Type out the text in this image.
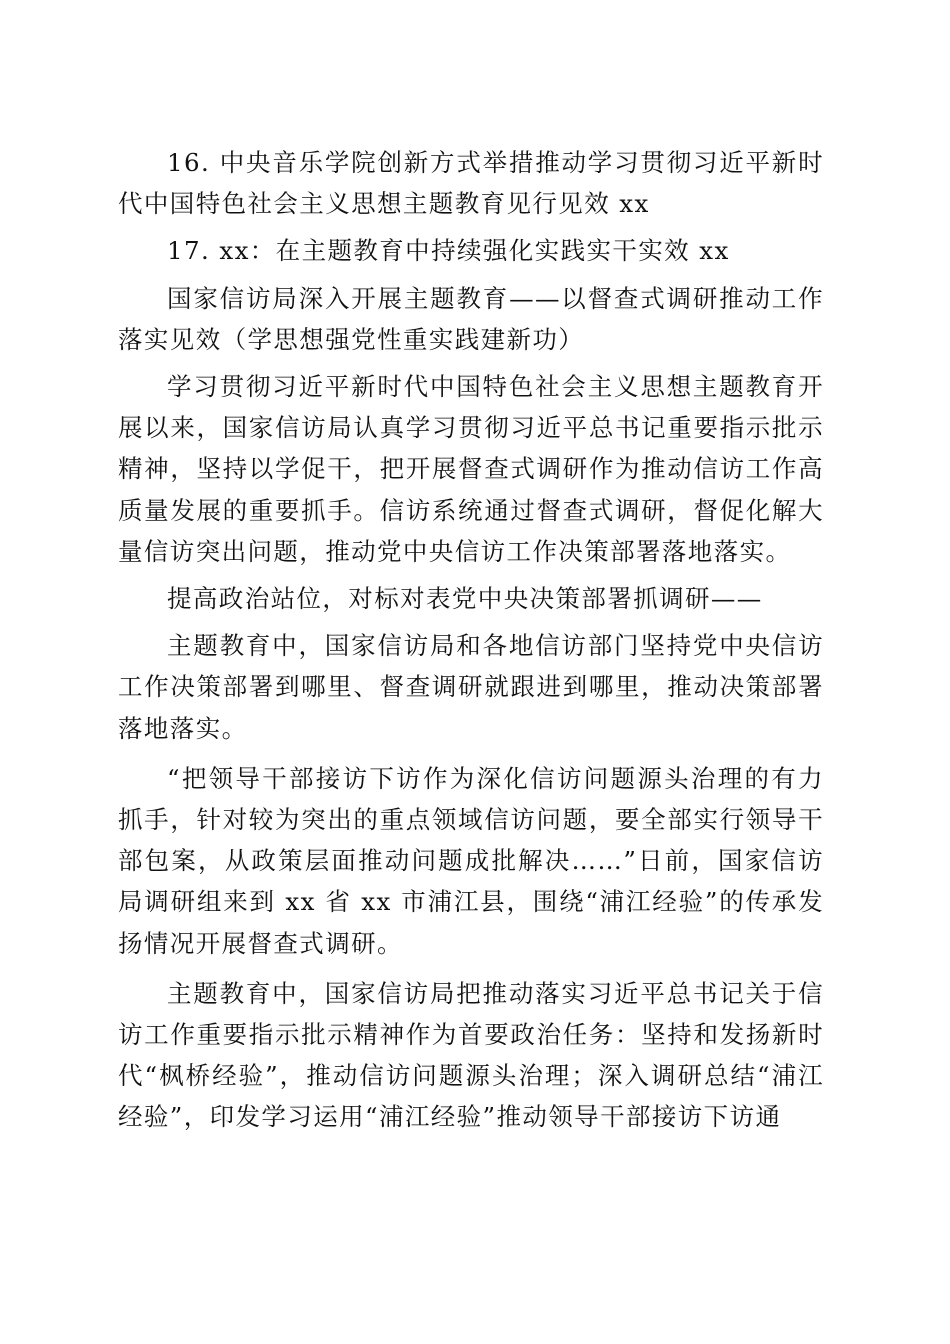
16. 中央音乐学院创新方式举措推动学习贯彻习近平新时代中国特色社会主义思想主题教育见行见效 xx

17. xx：在主题教育中持续强化实践实干实效 xx

国家信访局深入开展主题教育——以督查式调研推动工作落实见效（学思想强党性重实践建新功）

学习贯彻习近平新时代中国特色社会主义思想主题教育开展以来，国家信访局认真学习贯彻习近平总书记重要指示批示精神，坚持以学促干，把开展督查式调研作为推动信访工作高质量发展的重要抓手。信访系统通过督查式调研，督促化解大量信访突出问题，推动党中央信访工作决策部署落地落实。

提高政治站位，对标对表党中央决策部署抓调研——

主题教育中，国家信访局和各地信访部门坚持党中央信访工作决策部署到哪里、督查调研就跟进到哪里，推动决策部署落地落实。

“把领导干部接访下访作为深化信访问题源头治理的有力抓手，针对较为突出的重点领域信访问题，要全部实行领导干部包案，从政策层面推动问题成批解决……”日前，国家信访局调研组来到 xx 省 xx 市浦江县，围绕“浦江经验”的传承发扬情况开展督查式调研。

主题教育中，国家信访局把推动落实习近平总书记关于信访工作重要指示批示精神作为首要政治任务：坚持和发扬新时代“枫桥经验”，推动信访问题源头治理；深入调研总结“浦江经验”，印发学习运用“浦江经验”推动领导干部接访下访通
